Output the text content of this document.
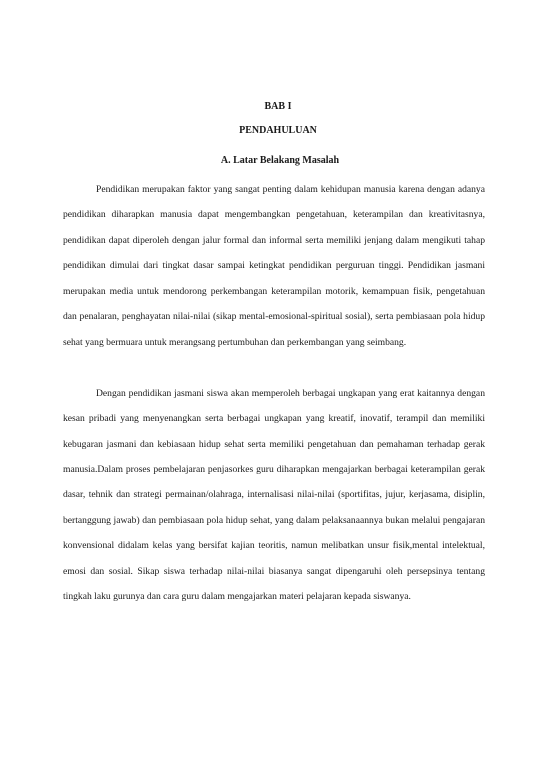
BAB I
PENDAHULUAN
A. Latar Belakang Masalah

Pendidikan merupakan faktor yang sangat penting dalam kehidupan manusia karena dengan adanya pendidikan diharapkan manusia dapat mengembangkan pengetahuan, keterampilan dan kreativitasnya, pendidikan dapat diperoleh dengan jalur formal dan informal serta memiliki jenjang dalam mengikuti tahap pendidikan dimulai dari tingkat dasar sampai ketingkat pendidikan perguruan tinggi. Pendidikan jasmani merupakan media untuk mendorong perkembangan keterampilan motorik, kemampuan fisik, pengetahuan dan penalaran, penghayatan nilai-nilai (sikap mental-emosional-spiritual sosial), serta pembiasaan pola hidup sehat yang bermuara untuk merangsang pertumbuhan dan perkembangan yang seimbang.

Dengan pendidikan jasmani siswa akan memperoleh berbagai ungkapan yang erat kaitannya dengan kesan pribadi yang menyenangkan serta berbagai ungkapan yang kreatif, inovatif, terampil dan memiliki kebugaran jasmani dan kebiasaan hidup sehat serta memiliki pengetahuan dan pemahaman terhadap gerak manusia.Dalam proses pembelajaran penjasorkes guru diharapkan mengajarkan berbagai keterampilan gerak dasar, tehnik dan strategi permainan/olahraga, internalisasi nilai-nilai (sportifitas, jujur, kerjasama, disiplin, bertanggung jawab) dan pembiasaan pola hidup sehat, yang dalam pelaksanaannya bukan melalui pengajaran konvensional didalam kelas yang bersifat kajian teoritis, namun melibatkan unsur fisik,mental intelektual, emosi dan sosial. Sikap siswa terhadap nilai-nilai biasanya sangat dipengaruhi oleh persepsinya tentang tingkah laku gurunya dan cara guru dalam mengajarkan materi pelajaran kepada siswanya.
